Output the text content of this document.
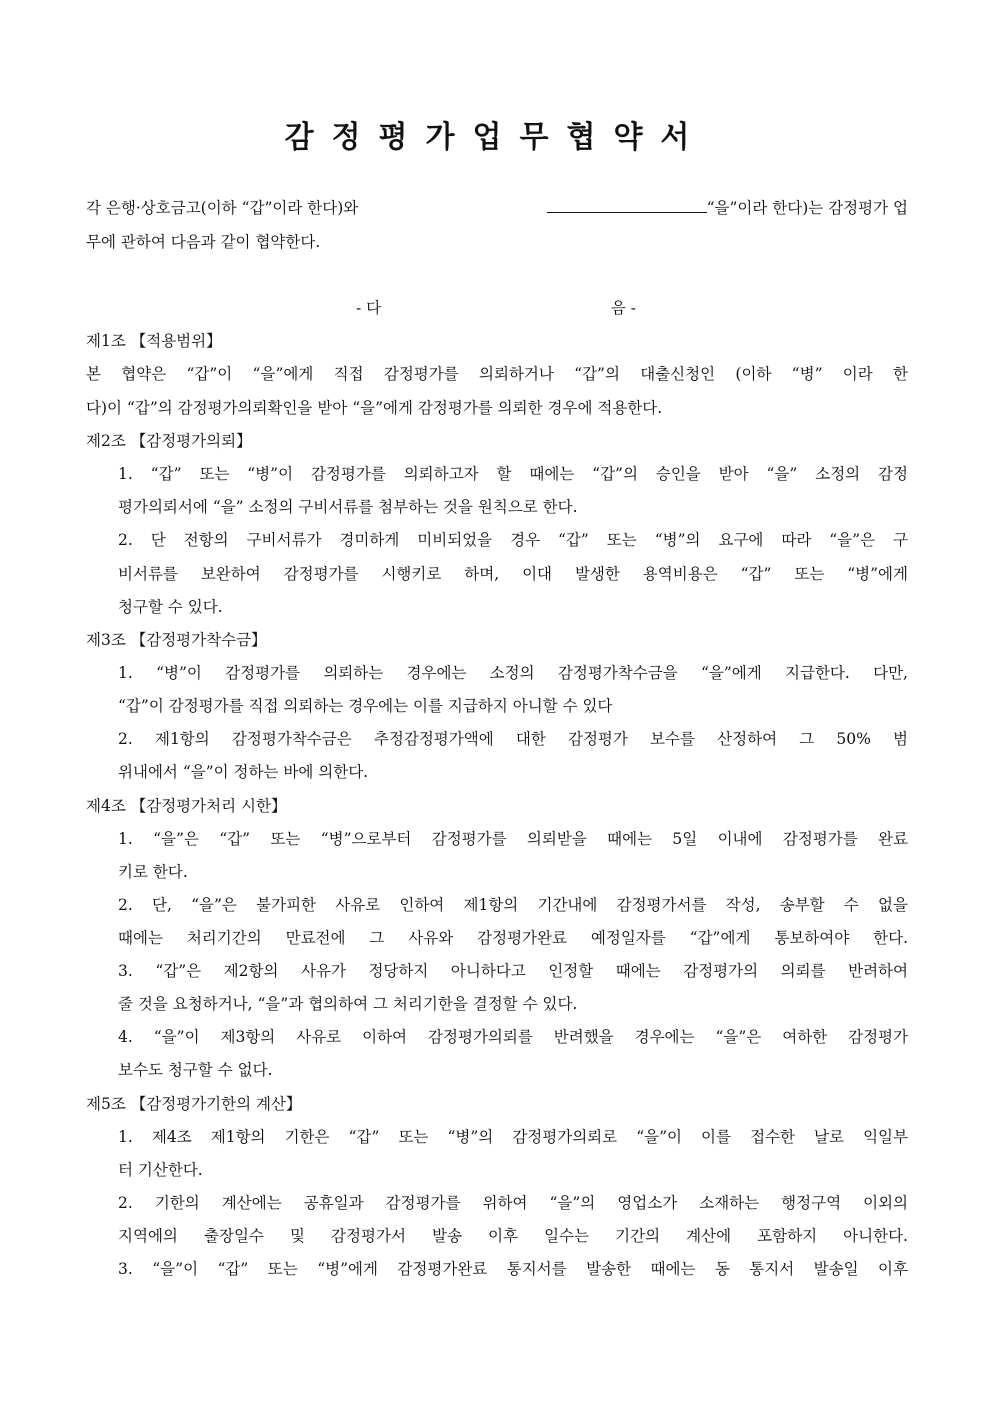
감정평가업무협약서
각 은행·상호금고(이하 “갑”이라 한다)와	“을”이라 한다)는 감정평가 업
무에 관하여 다음과 같이 협약한다.
- 다	음 -
제1조 【적용범위】
본 협약은 “갑”이 “을”에게 직접 감정평가를 의뢰하거나 “갑”의 대출신청인 (이하 “병” 이라 한
다)이 “갑”의 감정평가의뢰확인을 받아 “을”에게 감정평가를 의뢰한 경우에 적용한다.
제2조 【감정평가의뢰】
1. “갑” 또는 “병”이 감정평가를 의뢰하고자 할 때에는 “갑”의 승인을 받아 “을” 소정의 감정
평가의뢰서에 “을” 소정의 구비서류를 첨부하는 것을 원칙으로 한다.
2. 단 전항의 구비서류가 경미하게 미비되었을 경우 “갑” 또는 “병”의 요구에 따라 “을”은 구
비서류를 보완하여 감정평가를 시행키로 하며, 이대 발생한 용역비용은 “갑” 또는 “병”에게
청구할 수 있다.
제3조 【감정평가착수금】
1. “병”이 감정평가를 의뢰하는 경우에는 소정의 감정평가착수금을 “을”에게 지급한다. 다만,
“갑”이 감정평가를 직접 의뢰하는 경우에는 이를 지급하지 아니할 수 있다
2. 제1항의 감정평가착수금은 추정감정평가액에 대한 감정평가 보수를 산정하여 그 50% 범
위내에서 “을”이 정하는 바에 의한다.
제4조 【감정평가처리 시한】
1. “을”은 “갑” 또는 “병”으로부터 감정평가를 의뢰받을 때에는 5일 이내에 감정평가를 완료
키로 한다.
2. 단, “을”은 불가피한 사유로 인하여 제1항의 기간내에 감정평가서를 작성, 송부할 수 없을
때에는 처리기간의 만료전에 그 사유와 감정평가완료 예정일자를 “갑”에게 통보하여야 한다.
3. “갑”은 제2항의 사유가 정당하지 아니하다고 인정할 때에는 감정평가의 의뢰를 반려하여
줄 것을 요청하거나, “을”과 협의하여 그 처리기한을 결정할 수 있다.
4. “을”이 제3항의 사유로 이하여 감정평가의뢰를 반려했을 경우에는 “을”은 여하한 감정평가
보수도 청구할 수 없다.
제5조 【감정평가기한의 계산】
1. 제4조 제1항의 기한은 “갑” 또는 “병”의 감정평가의뢰로 “을”이 이를 접수한 날로 익일부
터 기산한다.
2. 기한의 계산에는 공휴일과 감정평가를 위하여 “을”의 영업소가 소재하는 행정구역 이외의
지역에의 출장일수 및 감정평가서 발송 이후 일수는 기간의 계산에 포함하지 아니한다.
3. “을”이 “갑” 또는 “병”에게 감정평가완료 통지서를 발송한 때에는 동 통지서 발송일 이후
